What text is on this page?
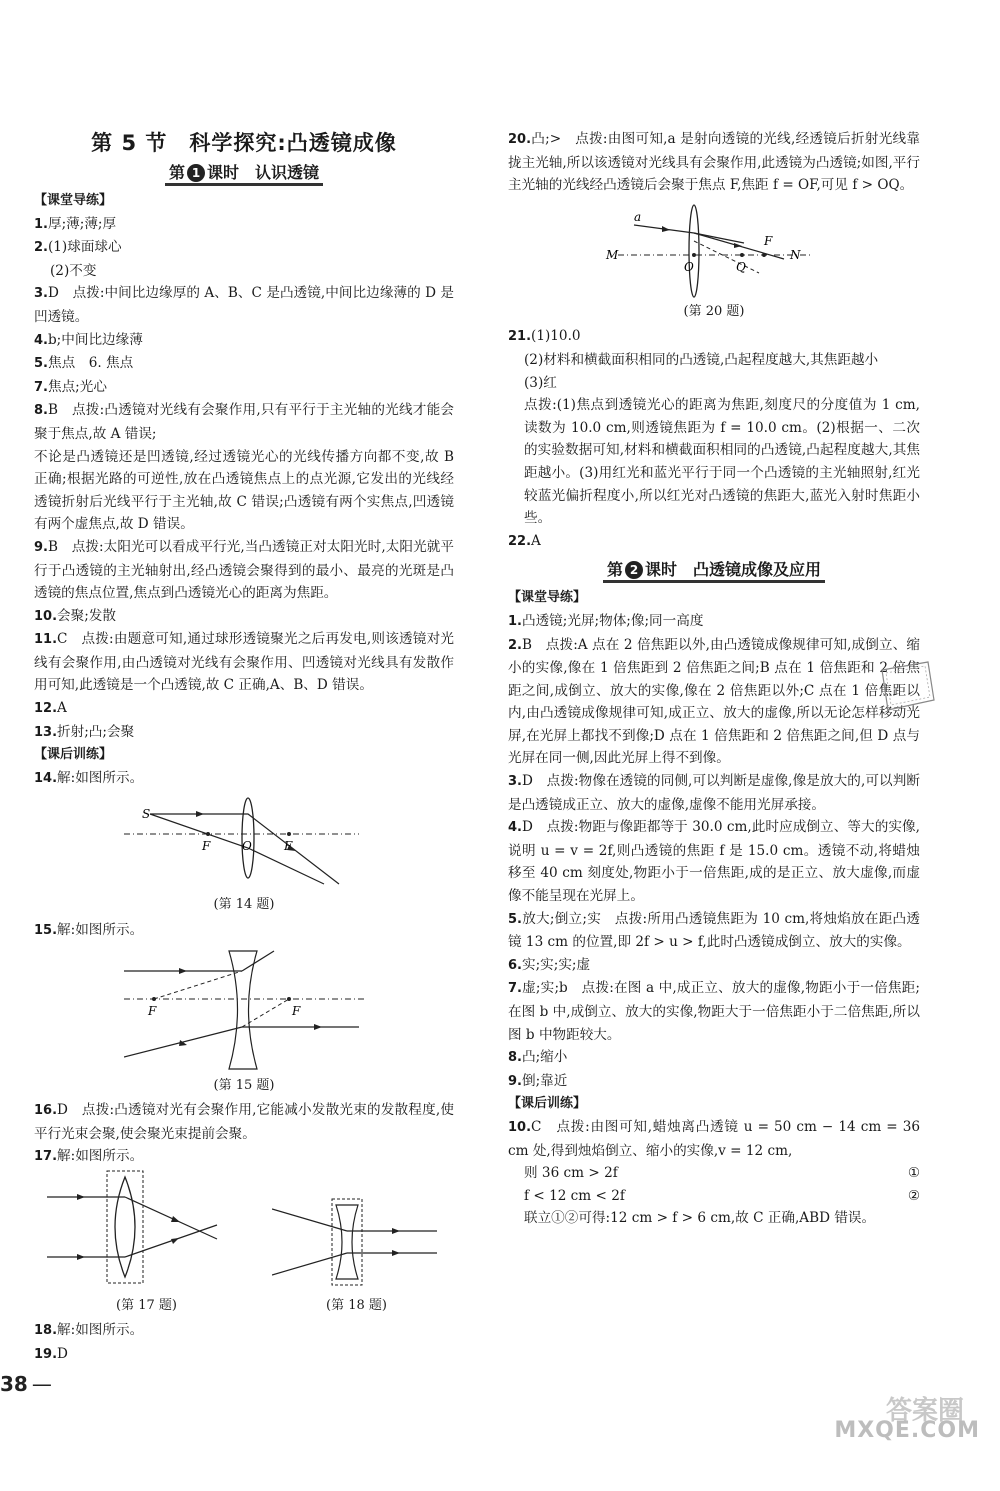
第 5 节　科学探究:凸透镜成像
第 1 课时　认识透镜
【课堂导练】

1.厚;薄;薄;厚

2.(1)球面球心

(2)不变

3.D　点拨:中间比边缘厚的 A、B、C 是凸透镜,中间比边缘薄的 D 是凹透镜。

4.b;中间比边缘薄

5.焦点　6. 焦点

7.焦点;光心

8.B　点拨:凸透镜对光线有会聚作用,只有平行于主光轴的光线才能会聚于焦点,故 A 错误;

不论是凸透镜还是凹透镜,经过透镜光心的光线传播方向都不变,故 B 正确;根据光路的可逆性,放在凸透镜焦点上的点光源,它发出的光线经透镜折射后光线平行于主光轴,故 C 错误;凸透镜有两个实焦点,凹透镜有两个虚焦点,故 D 错误。

9.B　点拨:太阳光可以看成平行光,当凸透镜正对太阳光时,太阳光就平行于凸透镜的主光轴射出,经凸透镜会聚得到的最小、最亮的光斑是凸透镜的焦点位置,焦点到凸透镜光心的距离为焦距。

10.会聚;发散

11.C　点拨:由题意可知,通过球形透镜聚光之后再发电,则该透镜对光线有会聚作用,由凸透镜对光线有会聚作用、凹透镜对光线具有发散作用可知,此透镜是一个凸透镜,故 C 正确,A、B、D 错误。

12.A

13.折射;凸;会聚

【课后训练】

14.解:如图所示。

S
F	O	F
(第 14 题)

15.解:如图所示。

F	F
(第 15 题)

16.D　点拨:凸透镜对光有会聚作用,它能减小发散光束的发散程度,使平行光束会聚,使会聚光束提前会聚。

17.解:如图所示。

(第 17 题)	(第 18 题)

18.解:如图所示。

19.D

20.凸;>　点拨:由图可知,a 是射向透镜的光线,经透镜后折射光线靠拢主光轴,所以该透镜对光线具有会聚作用,此透镜为凸透镜;如图,平行主光轴的光线经凸透镜后会聚于焦点 F,焦距 f = OF,可见 f > OQ。

a
M
O	Q
F
N
(第 20 题)

21.(1)10.0

(2)材料和横截面积相同的凸透镜,凸起程度越大,其焦距越小

(3)红

点拨:(1)焦点到透镜光心的距离为焦距,刻度尺的分度值为 1 cm,读数为 10.0 cm,则透镜焦距为 f = 10.0 cm。(2)根据一、二次的实验数据可知,材料和横截面积相同的凸透镜,凸起程度越大,其焦距越小。(3)用红光和蓝光平行于同一个凸透镜的主光轴照射,红光较蓝光偏折程度小,所以红光对凸透镜的焦距大,蓝光入射时焦距小些。

22.A

第 2 课时　凸透镜成像及应用
【课堂导练】

1.凸透镜;光屏;物体;像;同一高度

2.B　点拨:A 点在 2 倍焦距以外,由凸透镜成像规律可知,成倒立、缩小的实像,像在 1 倍焦距到 2 倍焦距之间;B 点在 1 倍焦距和 2 倍焦距之间,成倒立、放大的实像,像在 2 倍焦距以外;C 点在 1 倍焦距以内,由凸透镜成像规律可知,成正立、放大的虚像,所以无论怎样移动光屏,在光屏上都找不到像;D 点在 1 倍焦距和 2 倍焦距之间,但 D 点与光屏在同一侧,因此光屏上得不到像。

3.D　点拨:物像在透镜的同侧,可以判断是虚像,像是放大的,可以判断是凸透镜成正立、放大的虚像,虚像不能用光屏承接。

4.D　点拨:物距与像距都等于 30.0 cm,此时应成倒立、等大的实像,说明 u = v = 2f,则凸透镜的焦距 f 是 15.0 cm。透镜不动,将蜡烛移至 40 cm 刻度处,物距小于一倍焦距,成的是正立、放大虚像,而虚像不能呈现在光屏上。

5.放大;倒立;实　点拨:所用凸透镜焦距为 10 cm,将烛焰放在距凸透镜 13 cm 的位置,即 2f > u > f,此时凸透镜成倒立、放大的实像。

6.实;实;实;虚

7.虚;实;b　点拨:在图 a 中,成正立、放大的虚像,物距小于一倍焦距;在图 b 中,成倒立、放大的实像,物距大于一倍焦距小于二倍焦距,所以图 b 中物距较大。

8.凸;缩小

9.倒;靠近

【课后训练】

10.C　点拨:由图可知,蜡烛离凸透镜 u = 50 cm − 14 cm = 36 cm 处,得到烛焰倒立、缩小的实像,v = 12 cm,

则 36 cm > 2f	①
f < 12 cm < 2f	②

联立①②可得:12 cm > f > 6 cm,故 C 正确,ABD 错误。

38 —
答案圈
MXQE.COM
